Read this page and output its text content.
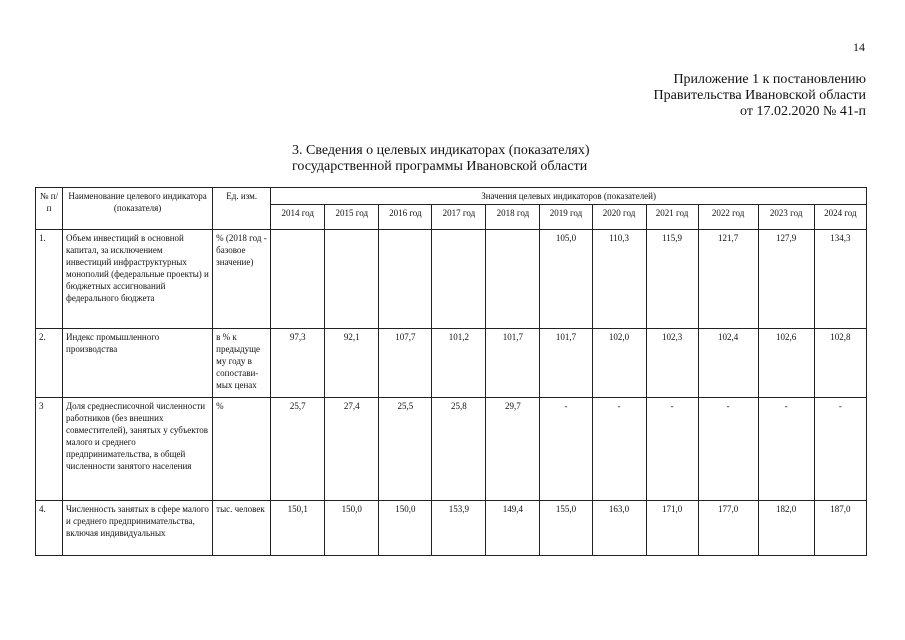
14
Приложение 1 к постановлению
Правительства Ивановской области
от 17.02.2020 № 41-п
3. Сведения о целевых индикаторах (показателях)
государственной программы Ивановской области
№ п/п	Наименование целевого индикатора (показателя)	Ед. изм.	Значения целевых индикаторов (показателей)										
			2014 год	2015 год	2016 год	2017 год	2018 год	2019 год	2020 год	2021 год	2022 год	2023 год	2024 год
1.	Объем инвестиций в основной капитал, за исключением инвестиций инфраструктурных монополий (федеральные проекты) и бюджетных ассигнований федерального бюджета	% (2018 год - базовое значение)						105,0	110,3	115,9	121,7	127,9	134,3
2.	Индекс промышленного производства	в % к предыдуще му году в сопостави-мых ценах	97,3	92,1	107,7	101,2	101,7	101,7	102,0	102,3	102,4	102,6	102,8
3	Доля среднесписочной численности работников (без внешних совместителей), занятых у субъектов малого и среднего предпринимательства, в общей численности занятого населения	%	25,7	27,4	25,5	25,8	29,7	-	-	-	-	-	-
4.	Численность занятых в сфере малого и среднего предпринимательства, включая индивидуальных	тыс. человек	150,1	150,0	150,0	153,9	149,4	155,0	163,0	171,0	177,0	182,0	187,0
